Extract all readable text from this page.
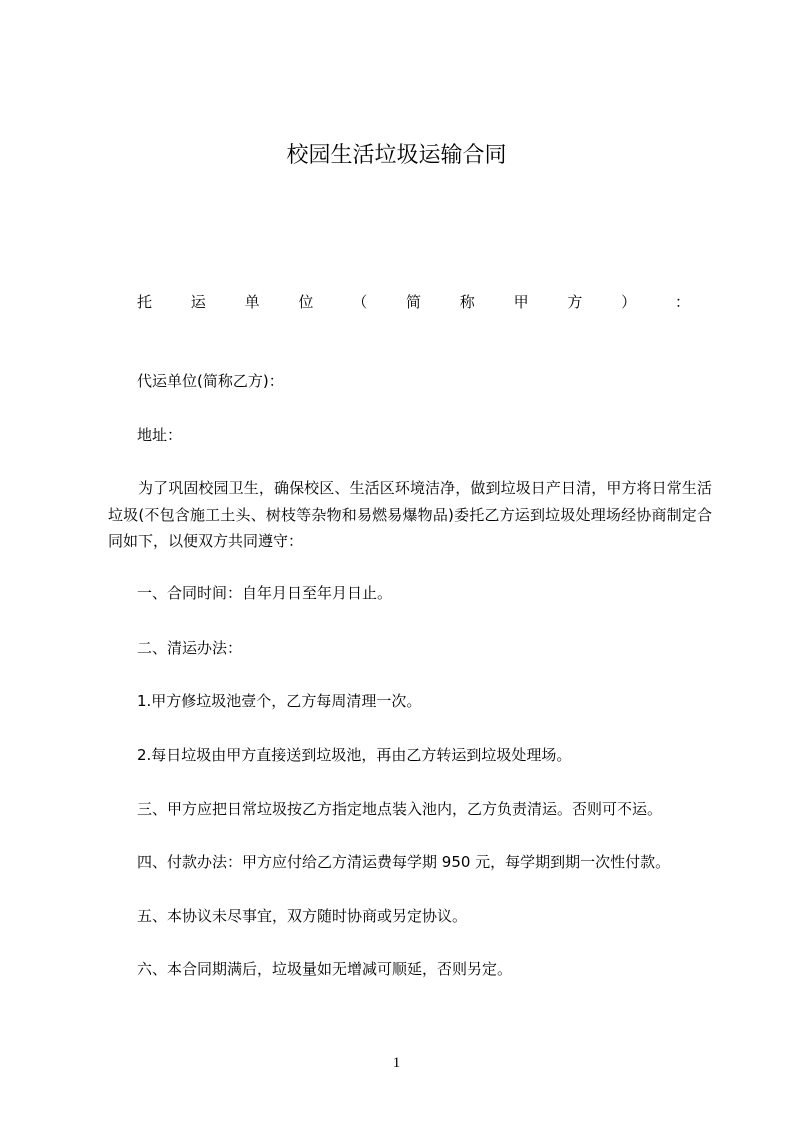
校园生活垃圾运输合同
托	运	单	位	（	简	称	甲	方	）	：
代运单位(简称乙方)：
地址：

为了巩固校园卫生，确保校区、生活区环境洁净，做到垃圾日产日清，甲方将日常生活垃圾(不包含施工土头、树枝等杂物和易燃易爆物品)委托乙方运到垃圾处理场经协商制定合同如下，以便双方共同遵守：

一、合同时间：自年月日至年月日止。
二、清运办法：
1.甲方修垃圾池壹个，乙方每周清理一次。
2.每日垃圾由甲方直接送到垃圾池，再由乙方转运到垃圾处理场。
三、甲方应把日常垃圾按乙方指定地点装入池内，乙方负责清运。否则可不运。
四、付款办法：甲方应付给乙方清运费每学期 950 元，每学期到期一次性付款。
五、本协议未尽事宜，双方随时协商或另定协议。
六、本合同期满后，垃圾量如无增减可顺延，否则另定。
1
